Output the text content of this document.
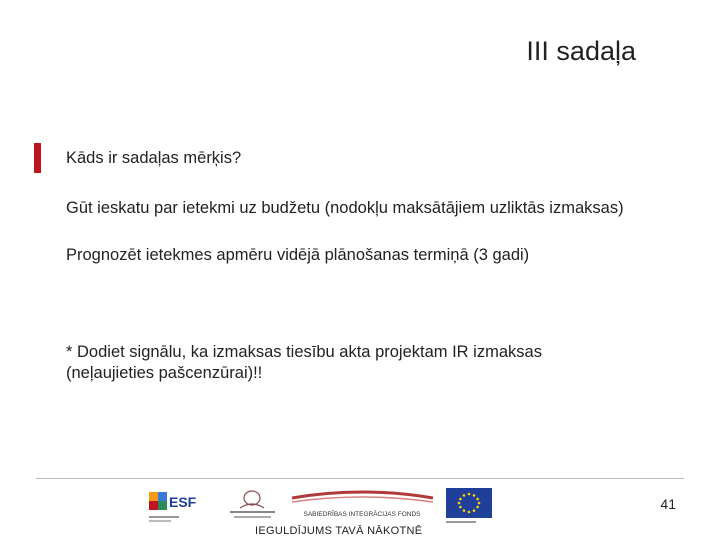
III sadaļa
Kāds ir sadaļas mērķis?
Gūt ieskatu par ietekmi uz budžetu (nodokļu maksātājiem uzliktās izmaksas)
Prognozēt ietekmes apmēru vidējā plānošanas termiņā (3 gadi)
* Dodiet signālu, ka izmaksas tiesību akta projektam IR izmaksas (neļaujieties pašcenzūrai)!!
ESF
SABIEDRĪBAS INTEGRĀCIJAS FONDS
41
IEGULDĪJUMS TAVĀ NĀKOTNĒ
